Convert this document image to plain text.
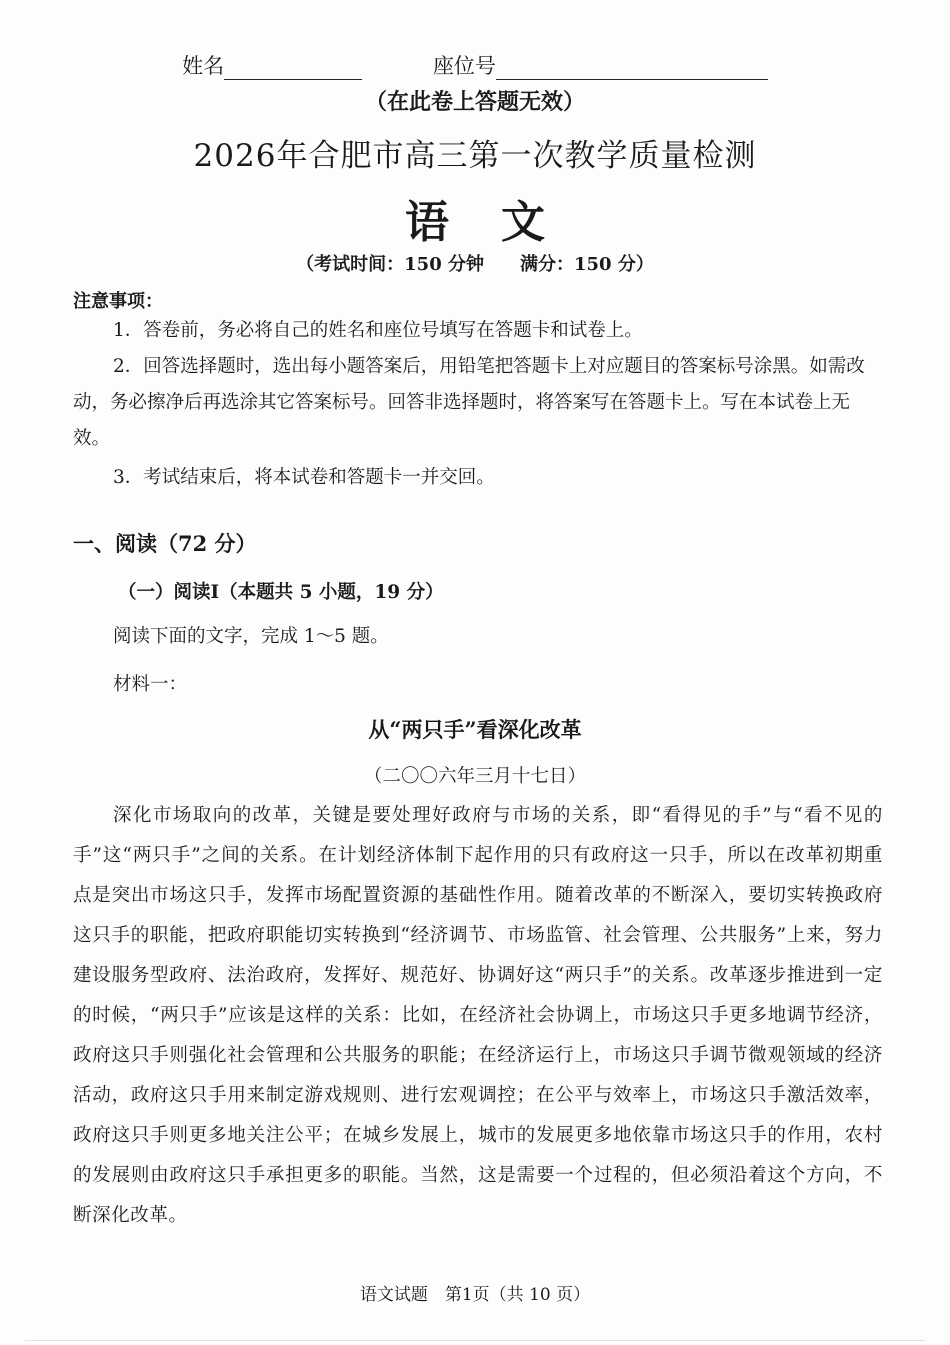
姓名	座位号
（在此卷上答题无效）
2026年合肥市高三第一次教学质量检测
语文
（考试时间：150 分钟 满分：150 分）
注意事项：
1．答卷前，务必将自己的姓名和座位号填写在答题卡和试卷上。
2．回答选择题时，选出每小题答案后，用铅笔把答题卡上对应题目的答案标号涂黑。如需改动，务必擦净后再选涂其它答案标号。回答非选择题时，将答案写在答题卡上。写在本试卷上无效。
3．考试结束后，将本试卷和答题卡一并交回。
一、阅读（72 分）
（一）阅读Ⅰ（本题共 5 小题，19 分）
阅读下面的文字，完成 1～5 题。
材料一：
从“两只手”看深化改革
（二〇〇六年三月十七日）
深化市场取向的改革，关键是要处理好政府与市场的关系，即“看得见的手”与“看不见的手”这“两只手”之间的关系。在计划经济体制下起作用的只有政府这一只手，所以在改革初期重点是突出市场这只手，发挥市场配置资源的基础性作用。随着改革的不断深入，要切实转换政府这只手的职能，把政府职能切实转换到“经济调节、市场监管、社会管理、公共服务”上来，努力建设服务型政府、法治政府，发挥好、规范好、协调好这“两只手”的关系。改革逐步推进到一定的时候，“两只手”应该是这样的关系：比如，在经济社会协调上，市场这只手更多地调节经济，政府这只手则强化社会管理和公共服务的职能；在经济运行上，市场这只手调节微观领域的经济活动，政府这只手用来制定游戏规则、进行宏观调控；在公平与效率上，市场这只手激活效率，政府这只手则更多地关注公平；在城乡发展上，城市的发展更多地依靠市场这只手的作用，农村的发展则由政府这只手承担更多的职能。当然，这是需要一个过程的，但必须沿着这个方向，不断深化改革。
语文试题　第1页（共 10 页）
